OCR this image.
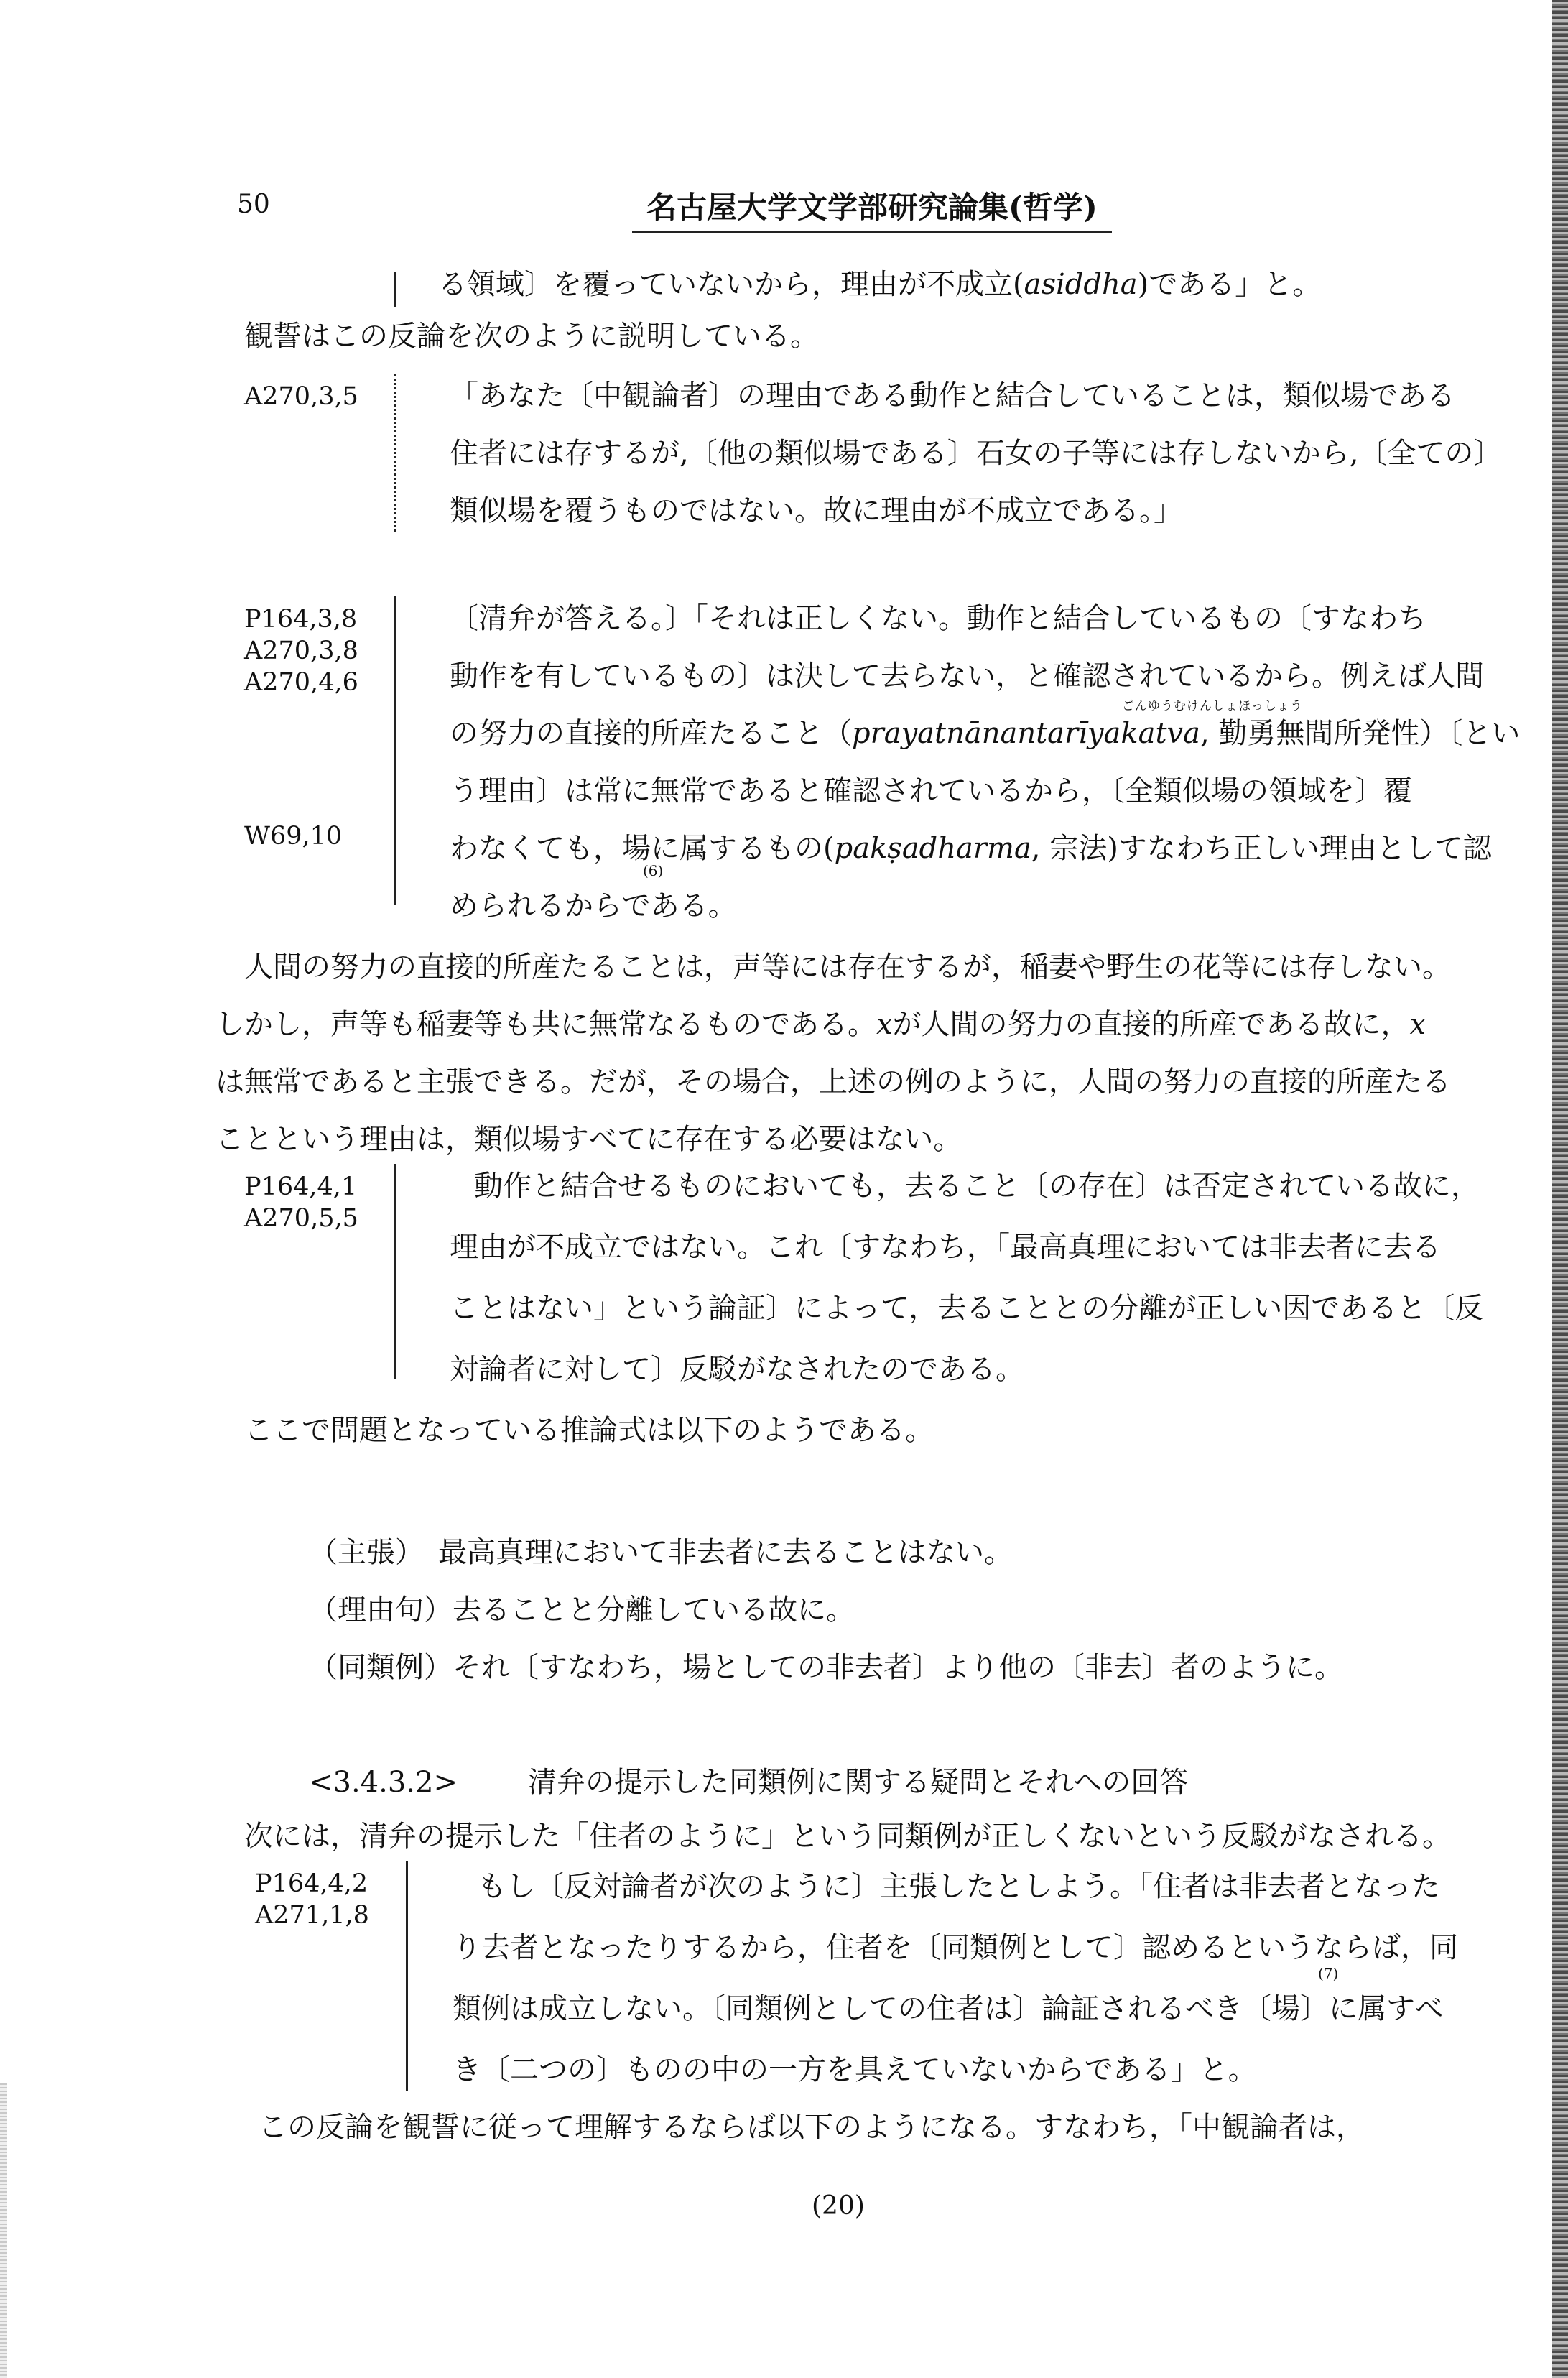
50	名古屋大学文学部研究論集(哲学)
る領域〕を覆っていないから，理由が不成立(asiddha)である」と。
観誓はこの反論を次のように説明している。
A270,3,5	「あなた〔中観論者〕の理由である動作と結合していることは，類似場である
住者には存するが,〔他の類似場である〕石女の子等には存しないから,〔全ての〕
類似場を覆うものではない。故に理由が不成立である。」
P164,3,8
A270,3,8
A270,4,6
W69,10
〔清弁が答える。〕「それは正しくない。動作と結合しているもの〔すなわち
動作を有しているもの〕は決して去らない，と確認されているから。例えば人間
ごんゆうむけんしょほっしょう
の努力の直接的所産たること（prayatnānantarīyakatva, 勤勇無間所発性）〔とい
う理由〕は常に無常であると確認されているから，〔全類似場の領域を〕覆
わなくても，場に属するもの(pakṣadharma, 宗法)すなわち正しい理由として認
められるからである。
(6)
人間の努力の直接的所産たることは，声等には存在するが，稲妻や野生の花等には存しない。
しかし，声等も稲妻等も共に無常なるものである。xが人間の努力の直接的所産である故に，x
は無常であると主張できる。だが，その場合，上述の例のように，人間の努力の直接的所産たる
ことという理由は，類似場すべてに存在する必要はない。
P164,4,1
A270,5,5
動作と結合せるものにおいても，去ること〔の存在〕は否定されている故に，
理由が不成立ではない。これ〔すなわち，「最高真理においては非去者に去る
ことはない」という論証〕によって，去ることとの分離が正しい因であると〔反
対論者に対して〕反駁がなされたのである。
ここで問題となっている推論式は以下のようである。
（主張）　最高真理において非去者に去ることはない。
（理由句）去ることと分離している故に。
（同類例）それ〔すなわち，場としての非去者〕より他の〔非去〕者のように。
<3.4.3.2> 清弁の提示した同類例に関する疑問とそれへの回答
次には，清弁の提示した「住者のように」という同類例が正しくないという反駁がなされる。
P164,4,2
A271,1,8
もし〔反対論者が次のように〕主張したとしよう。「住者は非去者となった
り去者となったりするから，住者を〔同類例として〕認めるというならば，同
類例は成立しない。〔同類例としての住者は〕論証されるべき〔場〕に属すべ
(7)
き〔二つの〕ものの中の一方を具えていないからである」と。
この反論を観誓に従って理解するならば以下のようになる。すなわち，「中観論者は，
(20)
